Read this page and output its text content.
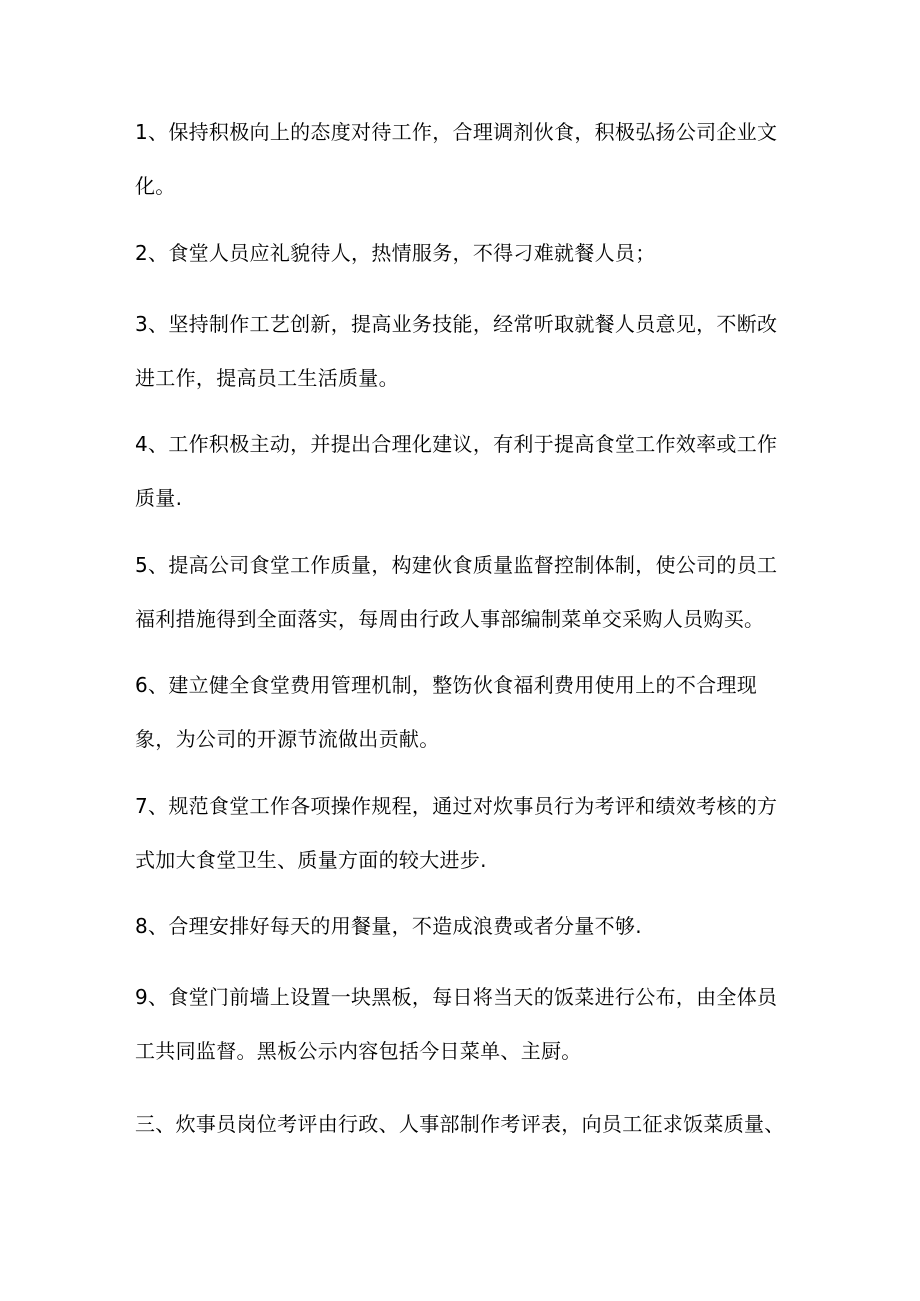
1、保持积极向上的态度对待工作，合理调剂伙食，积极弘扬公司企业文
化。

2、食堂人员应礼貌待人，热情服务，不得刁难就餐人员；

3、坚持制作工艺创新，提高业务技能，经常听取就餐人员意见，不断改
进工作，提高员工生活质量。

4、工作积极主动，并提出合理化建议，有利于提高食堂工作效率或工作
质量.

5、提高公司食堂工作质量，构建伙食质量监督控制体制，使公司的员工
福利措施得到全面落实，每周由行政人事部编制菜单交采购人员购买。

6、建立健全食堂费用管理机制，整饬伙食福利费用使用上的不合理现
象，为公司的开源节流做出贡献。

7、规范食堂工作各项操作规程，通过对炊事员行为考评和绩效考核的方
式加大食堂卫生、质量方面的较大进步.

8、合理安排好每天的用餐量，不造成浪费或者分量不够.

9、食堂门前墙上设置一块黑板，每日将当天的饭菜进行公布，由全体员
工共同监督。黑板公示内容包括今日菜单、主厨。

三、炊事员岗位考评由行政、人事部制作考评表，向员工征求饭菜质量、
